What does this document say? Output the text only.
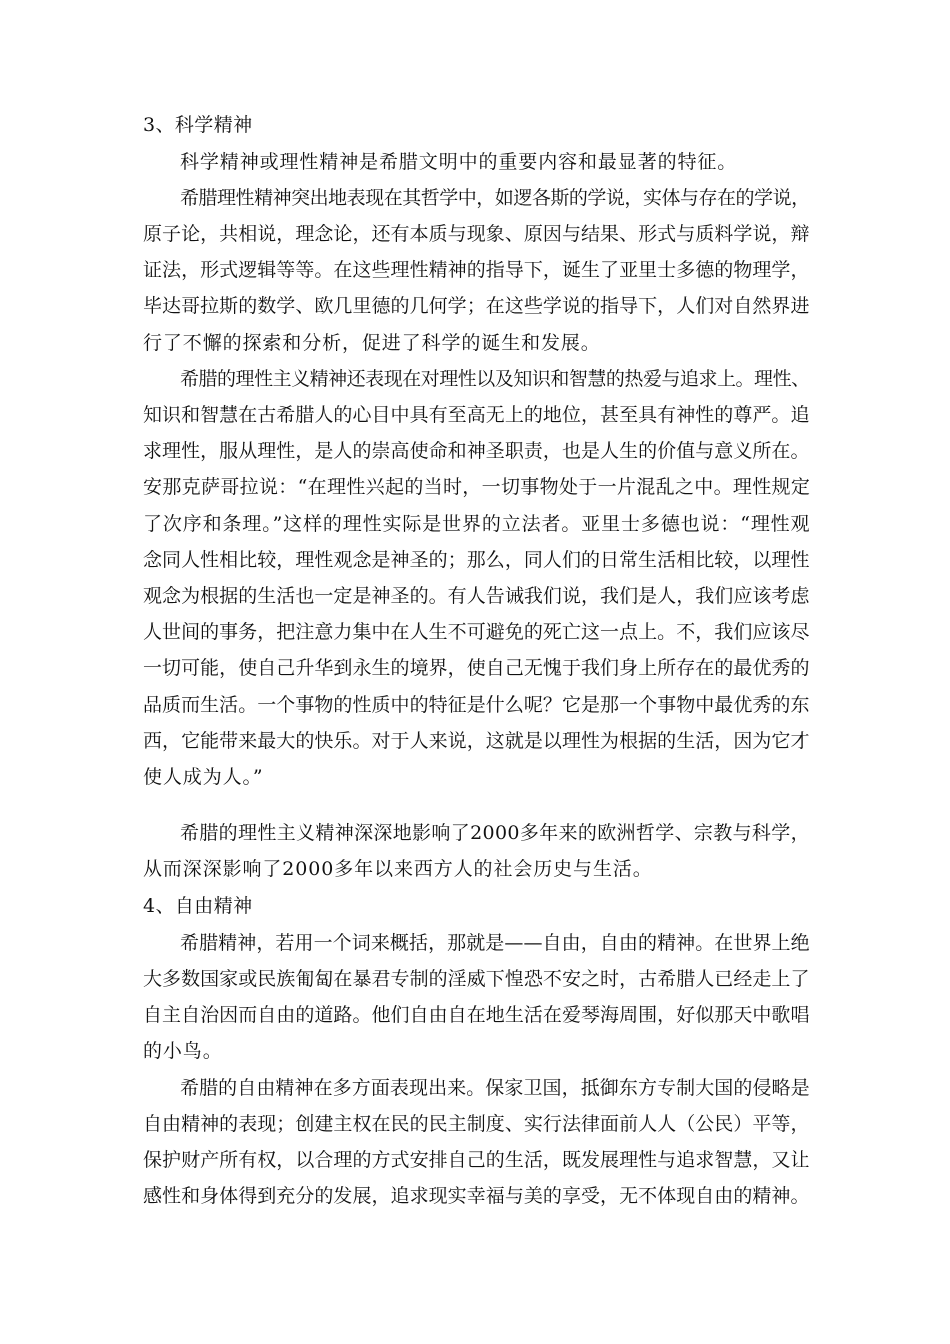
3、科学精神
科学精神或理性精神是希腊文明中的重要内容和最显著的特征。
希腊理性精神突出地表现在其哲学中，如逻各斯的学说，实体与存在的学说，
原子论，共相说，理念论，还有本质与现象、原因与结果、形式与质料学说，辩
证法，形式逻辑等等。在这些理性精神的指导下，诞生了亚里士多德的物理学，
毕达哥拉斯的数学、欧几里德的几何学；在这些学说的指导下，人们对自然界进
行了不懈的探索和分析，促进了科学的诞生和发展。
希腊的理性主义精神还表现在对理性以及知识和智慧的热爱与追求上。理性、
知识和智慧在古希腊人的心目中具有至高无上的地位，甚至具有神性的尊严。追
求理性，服从理性，是人的崇高使命和神圣职责，也是人生的价值与意义所在。
安那克萨哥拉说：“在理性兴起的当时，一切事物处于一片混乱之中。理性规定
了次序和条理。”这样的理性实际是世界的立法者。亚里士多德也说：“理性观
念同人性相比较，理性观念是神圣的；那么，同人们的日常生活相比较，以理性
观念为根据的生活也一定是神圣的。有人告诫我们说，我们是人，我们应该考虑
人世间的事务，把注意力集中在人生不可避免的死亡这一点上。不，我们应该尽
一切可能，使自己升华到永生的境界，使自己无愧于我们身上所存在的最优秀的
品质而生活。一个事物的性质中的特征是什么呢？它是那一个事物中最优秀的东
西，它能带来最大的快乐。对于人来说，这就是以理性为根据的生活，因为它才
使人成为人。”
希腊的理性主义精神深深地影响了2000多年来的欧洲哲学、宗教与科学，
从而深深影响了2000多年以来西方人的社会历史与生活。
4、自由精神
希腊精神，若用一个词来概括，那就是——自由，自由的精神。在世界上绝
大多数国家或民族匍匐在暴君专制的淫威下惶恐不安之时，古希腊人已经走上了
自主自治因而自由的道路。他们自由自在地生活在爱琴海周围，好似那天中歌唱
的小鸟。
希腊的自由精神在多方面表现出来。保家卫国，抵御东方专制大国的侵略是
自由精神的表现；创建主权在民的民主制度、实行法律面前人人（公民）平等，
保护财产所有权，以合理的方式安排自己的生活，既发展理性与追求智慧，又让
感性和身体得到充分的发展，追求现实幸福与美的享受，无不体现自由的精神。
